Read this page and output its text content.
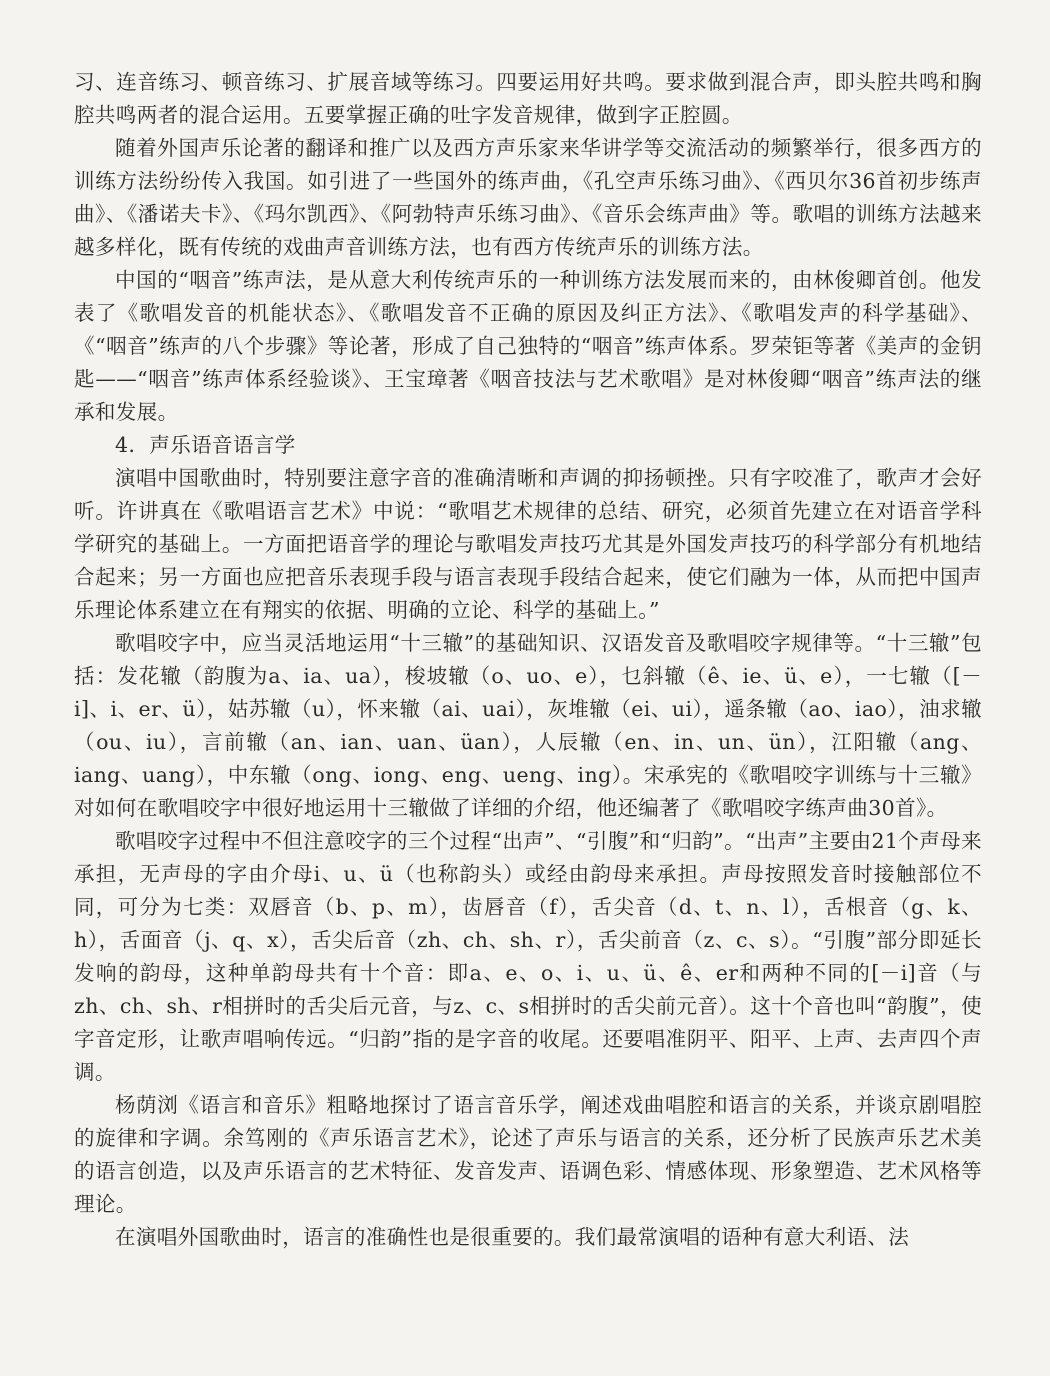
习、连音练习、顿音练习、扩展音域等练习。四要运用好共鸣。要求做到混合声，即头腔共鸣和胸腔共鸣两者的混合运用。五要掌握正确的吐字发音规律，做到字正腔圆。

随着外国声乐论著的翻译和推广以及西方声乐家来华讲学等交流活动的频繁举行，很多西方的训练方法纷纷传入我国。如引进了一些国外的练声曲，《孔空声乐练习曲》、《西贝尔36首初步练声曲》、《潘诺夫卡》、《玛尔凯西》、《阿勃特声乐练习曲》、《音乐会练声曲》等。歌唱的训练方法越来越多样化，既有传统的戏曲声音训练方法，也有西方传统声乐的训练方法。

中国的“咽音”练声法，是从意大利传统声乐的一种训练方法发展而来的，由林俊卿首创。他发表了《歌唱发音的机能状态》、《歌唱发音不正确的原因及纠正方法》、《歌唱发声的科学基础》、《“咽音”练声的八个步骤》等论著，形成了自己独特的“咽音”练声体系。罗荣钜等著《美声的金钥匙——“咽音”练声体系经验谈》、王宝璋著《咽音技法与艺术歌唱》是对林俊卿“咽音”练声法的继承和发展。

4．声乐语音语言学

演唱中国歌曲时，特别要注意字音的准确清晰和声调的抑扬顿挫。只有字咬准了，歌声才会好听。许讲真在《歌唱语言艺术》中说：“歌唱艺术规律的总结、研究，必须首先建立在对语音学科学研究的基础上。一方面把语音学的理论与歌唱发声技巧尤其是外国发声技巧的科学部分有机地结合起来；另一方面也应把音乐表现手段与语言表现手段结合起来，使它们融为一体，从而把中国声乐理论体系建立在有翔实的依据、明确的立论、科学的基础上。”

歌唱咬字中，应当灵活地运用“十三辙”的基础知识、汉语发音及歌唱咬字规律等。“十三辙”包括：发花辙（韵腹为a、ia、ua），梭坡辙（o、uo、e），乜斜辙（ê、ie、ü、e），一七辙（[－i]、i、er、ü），姑苏辙（u），怀来辙（ai、uai），灰堆辙（ei、ui），遥条辙（ao、iao），油求辙（ou、iu），言前辙（an、ian、uan、üan），人辰辙（en、in、un、ün），江阳辙（ang、iang、uang），中东辙（ong、iong、eng、ueng、ing）。宋承宪的《歌唱咬字训练与十三辙》对如何在歌唱咬字中很好地运用十三辙做了详细的介绍，他还编著了《歌唱咬字练声曲30首》。

歌唱咬字过程中不但注意咬字的三个过程“出声”、“引腹”和“归韵”。“出声”主要由21个声母来承担，无声母的字由介母i、u、ü（也称韵头）或经由韵母来承担。声母按照发音时接触部位不同，可分为七类：双唇音（b、p、m），齿唇音（f），舌尖音（d、t、n、l），舌根音（g、k、h），舌面音（j、q、x），舌尖后音（zh、ch、sh、r），舌尖前音（z、c、s）。“引腹”部分即延长发响的韵母，这种单韵母共有十个音：即a、e、o、i、u、ü、ê、er和两种不同的[－i]音（与zh、ch、sh、r相拼时的舌尖后元音，与z、c、s相拼时的舌尖前元音）。这十个音也叫“韵腹”，使字音定形，让歌声唱响传远。“归韵”指的是字音的收尾。还要唱准阴平、阳平、上声、去声四个声调。

杨荫浏《语言和音乐》粗略地探讨了语言音乐学，阐述戏曲唱腔和语言的关系，并谈京剧唱腔的旋律和字调。余笃刚的《声乐语言艺术》，论述了声乐与语言的关系，还分析了民族声乐艺术美的语言创造，以及声乐语言的艺术特征、发音发声、语调色彩、情感体现、形象塑造、艺术风格等理论。

在演唱外国歌曲时，语言的准确性也是很重要的。我们最常演唱的语种有意大利语、法
